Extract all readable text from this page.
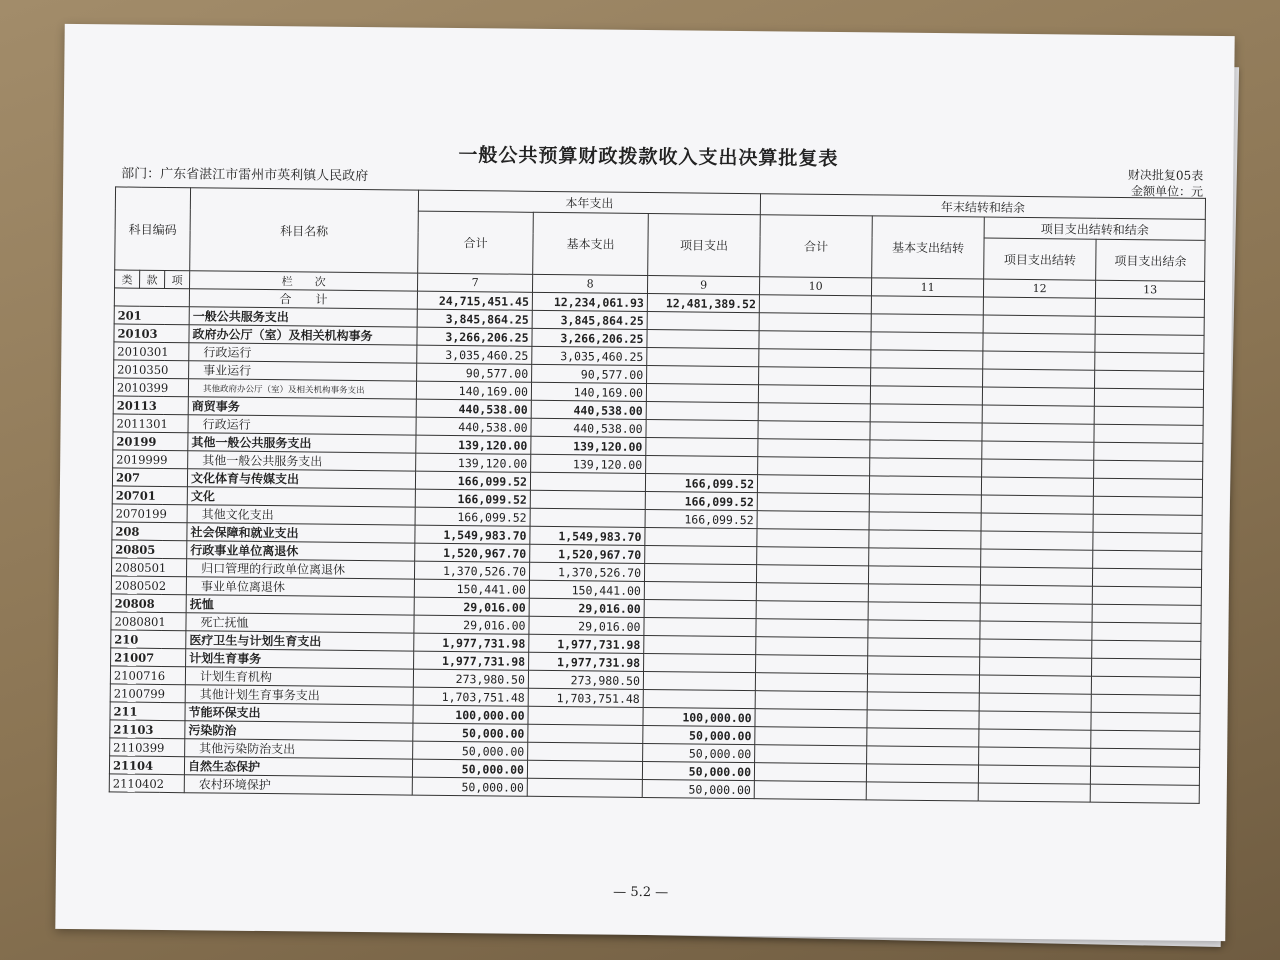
一般公共预算财政拨款收入支出决算批复表
部门：广东省湛江市雷州市英利镇人民政府	财决批复05表
金额单位：元
科目编码			科目名称	本年支出			年末结转和结余			
				合计	基本支出	项目支出	合计	基本支出结转	项目支出结转和结余	
									项目支出结转	项目支出结余
类	款	项	栏　　次	7	8	9	10	11	12	13
			合　　计	24,715,451.45	12,234,061.93	12,481,389.52				
201			一般公共服务支出	3,845,864.25	3,845,864.25					
20103			政府办公厅（室）及相关机构事务	3,266,206.25	3,266,206.25					
2010301			行政运行	3,035,460.25	3,035,460.25					
2010350			事业运行	90,577.00	90,577.00					
2010399			其他政府办公厅（室）及相关机构事务支出	140,169.00	140,169.00					
20113			商贸事务	440,538.00	440,538.00					
2011301			行政运行	440,538.00	440,538.00					
20199			其他一般公共服务支出	139,120.00	139,120.00					
2019999			其他一般公共服务支出	139,120.00	139,120.00					
207			文化体育与传媒支出	166,099.52		166,099.52				
20701			文化	166,099.52		166,099.52				
2070199			其他文化支出	166,099.52		166,099.52				
208			社会保障和就业支出	1,549,983.70	1,549,983.70					
20805			行政事业单位离退休	1,520,967.70	1,520,967.70					
2080501			归口管理的行政单位离退休	1,370,526.70	1,370,526.70					
2080502			事业单位离退休	150,441.00	150,441.00					
20808			抚恤	29,016.00	29,016.00					
2080801			死亡抚恤	29,016.00	29,016.00					
210			医疗卫生与计划生育支出	1,977,731.98	1,977,731.98					
21007			计划生育事务	1,977,731.98	1,977,731.98					
2100716			计划生育机构	273,980.50	273,980.50					
2100799			其他计划生育事务支出	1,703,751.48	1,703,751.48					
211			节能环保支出	100,000.00		100,000.00				
21103			污染防治	50,000.00		50,000.00				
2110399			其他污染防治支出	50,000.00		50,000.00				
21104			自然生态保护	50,000.00		50,000.00				
2110402			农村环境保护	50,000.00		50,000.00				
— 5.2 —
